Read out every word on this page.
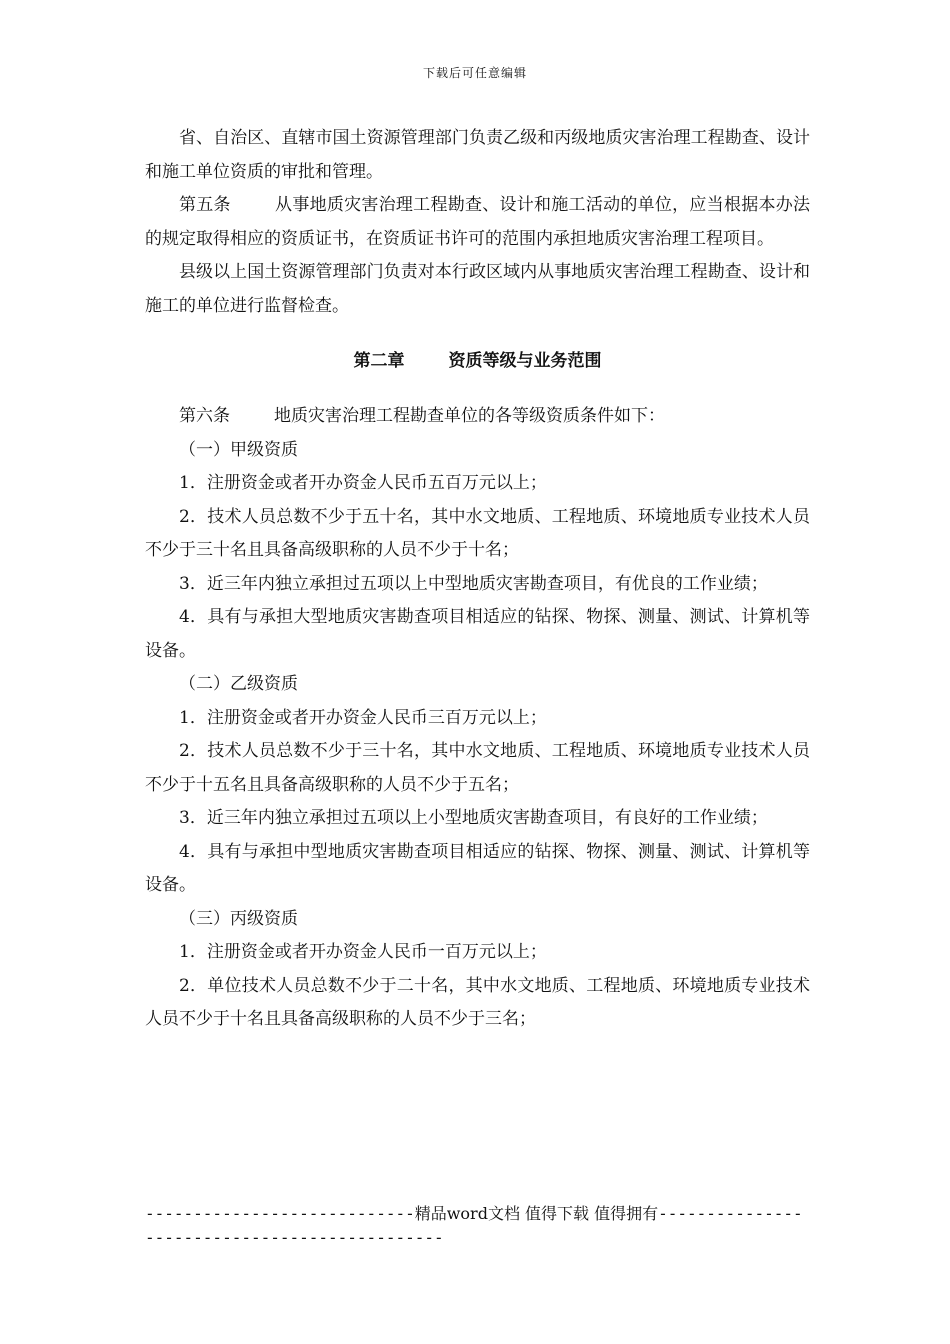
下载后可任意编辑

省、自治区、直辖市国土资源管理部门负责乙级和丙级地质灾害治理工程勘查、设计和施工单位资质的审批和管理。

第五条	从事地质灾害治理工程勘查、设计和施工活动的单位，应当根据本办法的规定取得相应的资质证书，在资质证书许可的范围内承担地质灾害治理工程项目。

县级以上国土资源管理部门负责对本行政区域内从事地质灾害治理工程勘查、设计和施工的单位进行监督检查。

第二章	资质等级与业务范围

第六条	地质灾害治理工程勘查单位的各等级资质条件如下：

（一）甲级资质

1．注册资金或者开办资金人民币五百万元以上；

2．技术人员总数不少于五十名，其中水文地质、工程地质、环境地质专业技术人员不少于三十名且具备高级职称的人员不少于十名；

3．近三年内独立承担过五项以上中型地质灾害勘查项目，有优良的工作业绩；

4．具有与承担大型地质灾害勘查项目相适应的钻探、物探、测量、测试、计算机等设备。

（二）乙级资质

1．注册资金或者开办资金人民币三百万元以上；

2．技术人员总数不少于三十名，其中水文地质、工程地质、环境地质专业技术人员不少于十五名且具备高级职称的人员不少于五名；

3．近三年内独立承担过五项以上小型地质灾害勘查项目，有良好的工作业绩；

4．具有与承担中型地质灾害勘查项目相适应的钻探、物探、测量、测试、计算机等设备。

（三）丙级资质

1．注册资金或者开办资金人民币一百万元以上；

2．单位技术人员总数不少于二十名，其中水文地质、工程地质、环境地质专业技术人员不少于十名且具备高级职称的人员不少于三名；

----------------------------精品word文档 值得下载 值得拥有----------------------------------------------
